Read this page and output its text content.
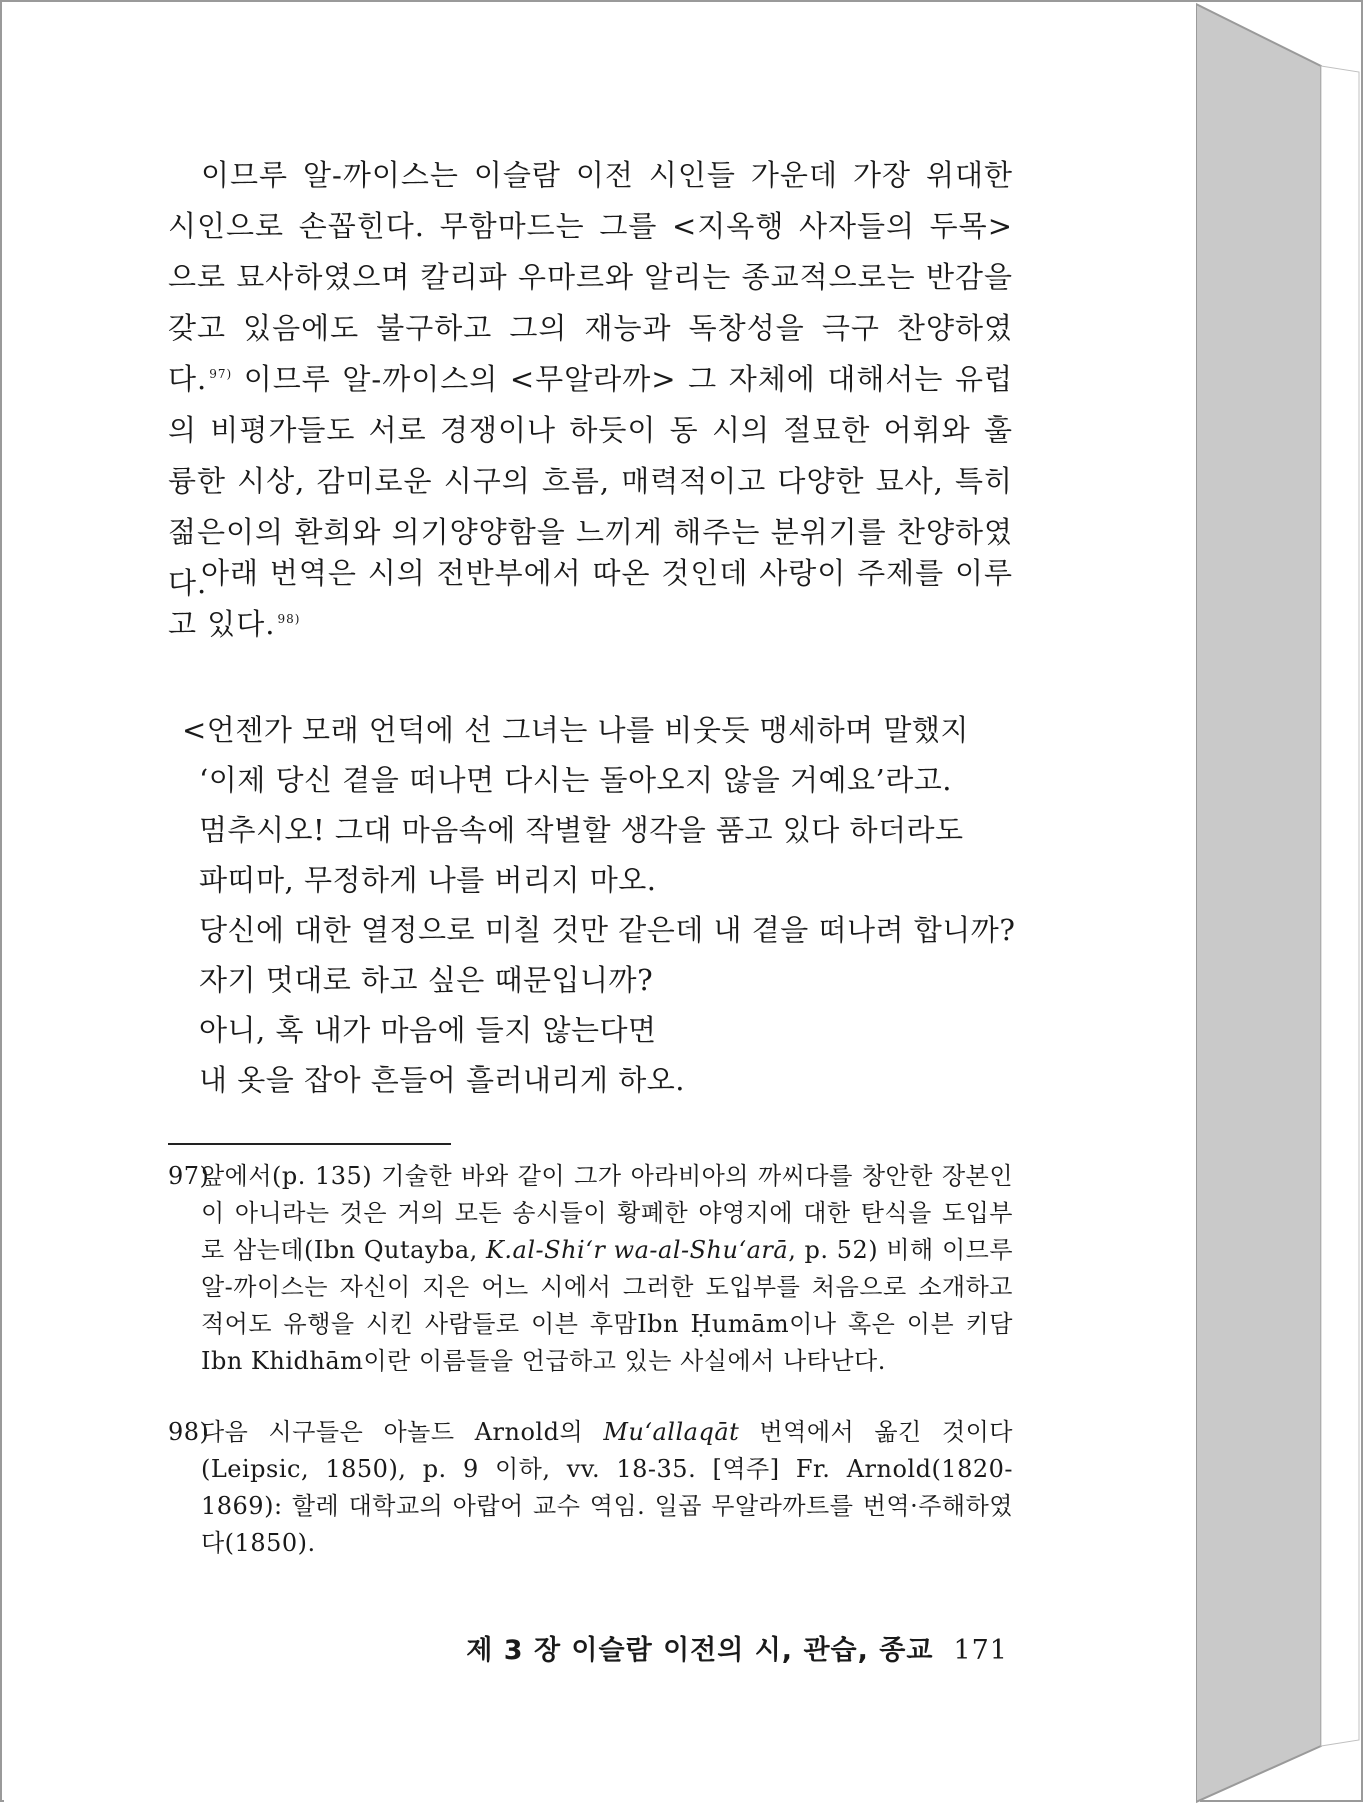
이므루 알-까이스는 이슬람 이전 시인들 가운데 가장 위대한 시인으로 손꼽힌다. 무함마드는 그를 <지옥행 사자들의 두목>으로 묘사하였으며 칼리파 우마르와 알리는 종교적으로는 반감을 갖고 있음에도 불구하고 그의 재능과 독창성을 극구 찬양하였다. $^{97)}$ 이므루 알-까이스의 <무알라까> 그 자체에 대해서는 유럽의 비평가들도 서로 경쟁이나 하듯이 동 시의 절묘한 어휘와 훌륭한 시상, 감미로운 시구의 흐름, 매력적이고 다양한 묘사, 특히 젊은이의 환희와 의기양양함을 느끼게 해주는 분위기를 찬양하였다.
아래 번역은 시의 전반부에서 따온 것인데 사랑이 주제를 이루고 있다. $^{98)}$
<언젠가 모래 언덕에 선 그녀는 나를 비웃듯 맹세하며 말했지
‘이제 당신 곁을 떠나면 다시는 돌아오지 않을 거예요’라고.
멈추시오! 그대 마음속에 작별할 생각을 품고 있다 하더라도
파띠마, 무정하게 나를 버리지 마오.
당신에 대한 열정으로 미칠 것만 같은데 내 곁을 떠나려 합니까?
자기 멋대로 하고 싶은 때문입니까?
아니, 혹 내가 마음에 들지 않는다면
내 옷을 잡아 흔들어 흘러내리게 하오.
97)
앞에서(p. 135) 기술한 바와 같이 그가 아라비아의 까씨다를 창안한 장본인이 아니라는 것은 거의 모든 송시들이 황폐한 야영지에 대한 탄식을 도입부로 삼는데(Ibn Qutayba, K.al-Shi‘r wa-al-Shu‘arā, p. 52) 비해 이므루 알-까이스는 자신이 지은 어느 시에서 그러한 도입부를 처음으로 소개하고 적어도 유행을 시킨 사람들로 이븐 후맘Ibn Ḥumām이나 혹은 이븐 키담Ibn Khidhām이란 이름들을 언급하고 있는 사실에서 나타난다.
98)
다음 시구들은 아놀드 Arnold의 Mu‘allaqāt 번역에서 옮긴 것이다(Leipsic, 1850), p. 9 이하, vv. 18-35. [역주] Fr. Arnold(1820-1869): 할레 대학교의 아랍어 교수 역임. 일곱 무알라까트를 번역·주해하였다(1850).
제 3 장 이슬람 이전의 시, 관습, 종교 171
